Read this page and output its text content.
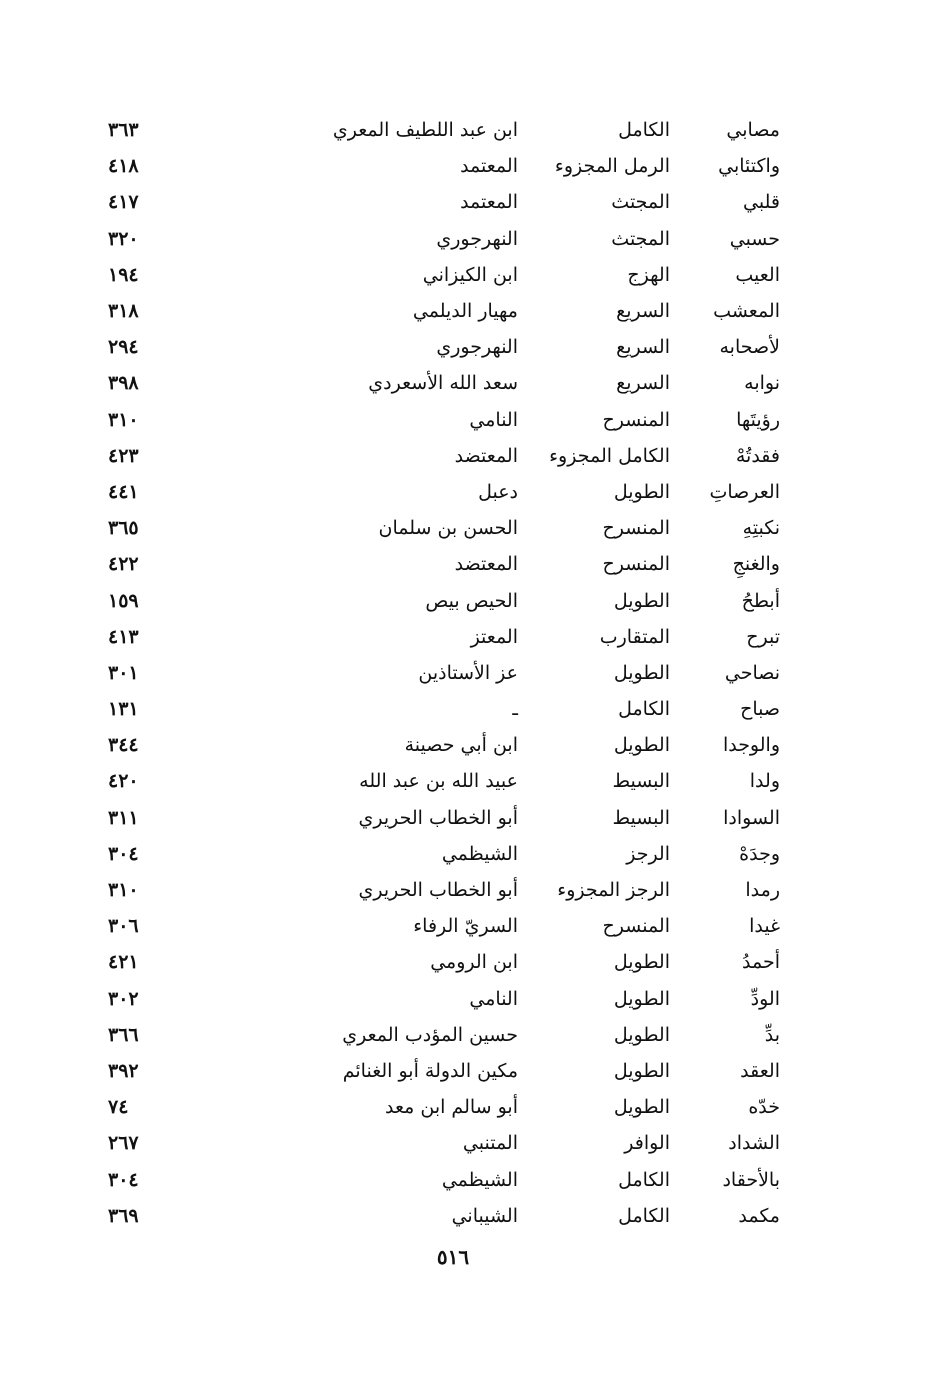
مصابي
الكامل
ابن عبد اللطيف المعري
٣٦٣
واكتئابي
الرمل المجزوء
المعتمد
٤١٨
قلبي
المجتث
المعتمد
٤١٧
حسبي
المجتث
النهرجوري
٣٢٠
العيب
الهزج
ابن الكيزاني
١٩٤
المعشب
السريع
مهيار الديلمي
٣١٨
لأصحابه
السريع
النهرجوري
٢٩٤
نوابه
السريع
سعد الله الأسعردي
٣٩٨
رؤيتَها
المنسرح
النامي
٣١٠
فقدتُهْ
الكامل المجزوء
المعتضد
٤٢٣
العرصاتِ
الطويل
دعبل
٤٤١
نكبتِهِ
المنسرح
الحسن بن سلمان
٣٦٥
والغنجِ
المنسرح
المعتضد
٤٢٢
أبطحُ
الطويل
الحيص بيص
١٥٩
تبرح
المتقارب
المعتز
٤١٣
نصاحي
الطويل
عز الأستاذين
٣٠١
صباح
الكامل
ـ
١٣١
والوجدا
الطويل
ابن أبي حصينة
٣٤٤
ولدا
البسيط
عبيد الله بن عبد الله
٤٢٠
السوادا
البسيط
أبو الخطاب الحريري
٣١١
وجدَهْ
الرجز
الشيظمي
٣٠٤
رمدا
الرجز المجزوء
أبو الخطاب الحريري
٣١٠
غيدا
المنسرح
السريّ الرفاء
٣٠٦
أحمدُ
الطويل
ابن الرومي
٤٢١
الودِّ
الطويل
النامي
٣٠٢
بدِّ
الطويل
حسين المؤدب المعري
٣٦٦
العقد
الطويل
مكين الدولة أبو الغنائم
٣٩٢
خدّه
الطويل
أبو سالم ابن معد
٧٤
الشداد
الوافر
المتنبي
٢٦٧
بالأحقاد
الكامل
الشيظمي
٣٠٤
مكمد
الكامل
الشيباني
٣٦٩
٥١٦
